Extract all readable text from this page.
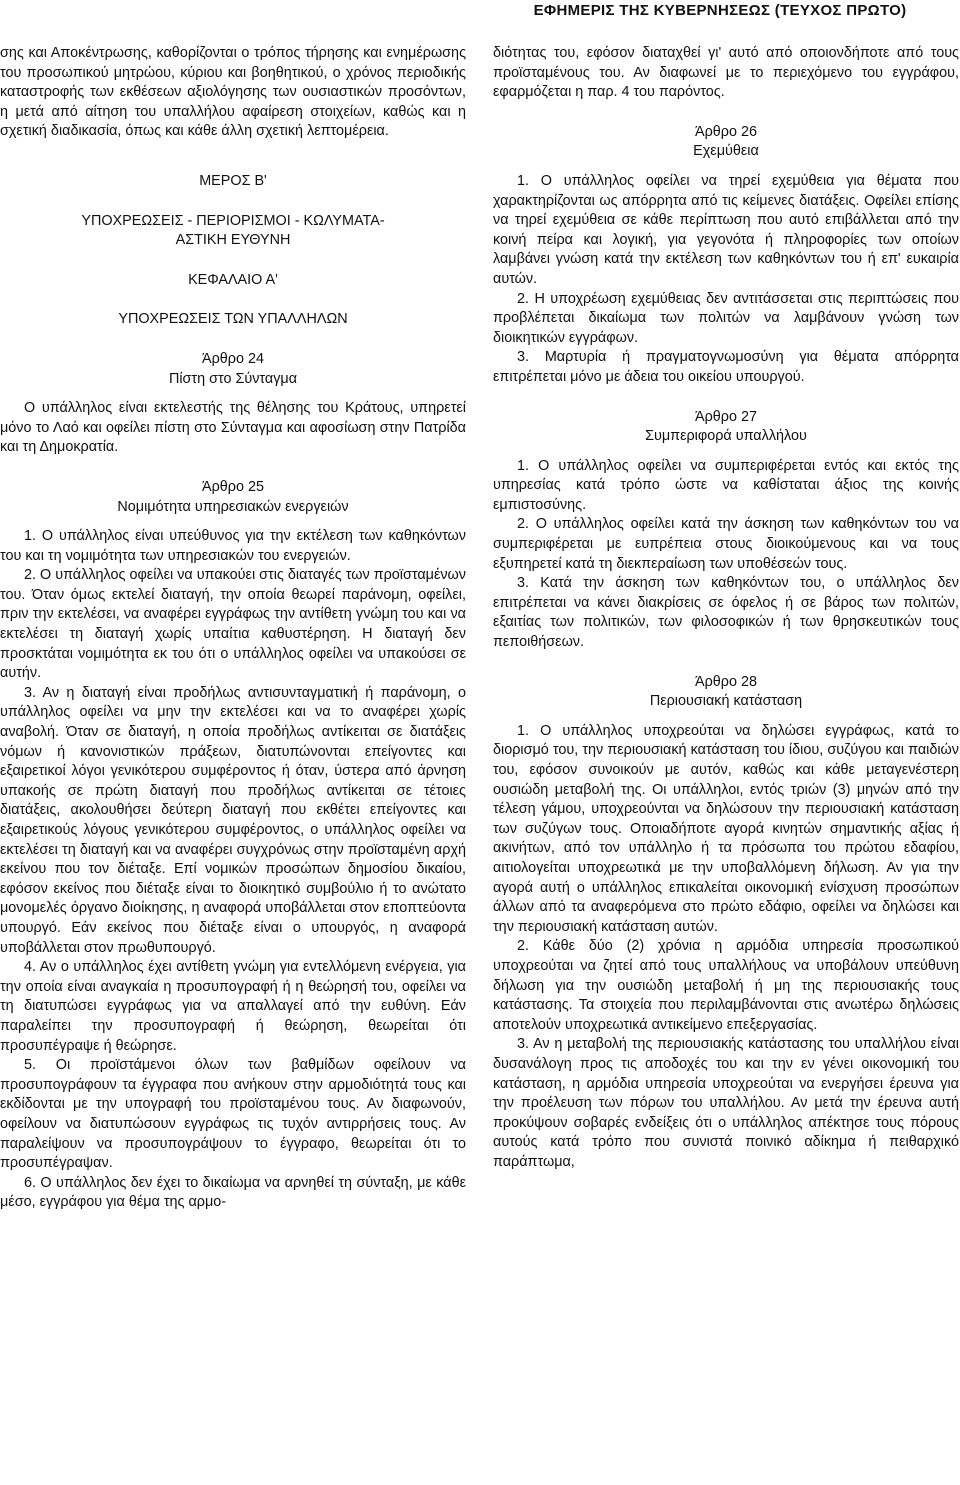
ΕΦΗΜΕΡΙΣ ΤΗΣ ΚΥΒΕΡΝΗΣΕΩΣ (ΤΕΥΧΟΣ ΠΡΩΤΟ)

σης και Αποκέντρωσης, καθορίζονται ο τρόπος τήρησης και ενημέρωσης του προσωπικού μητρώου, κύριου και βοηθητικού, ο χρόνος περιοδικής καταστροφής των εκθέσεων αξιολόγησης των ουσιαστικών προσόντων, η μετά από αίτηση του υπαλλήλου αφαίρεση στοιχείων, καθώς και η σχετική διαδικασία, όπως και κάθε άλλη σχετική λεπτομέρεια.

ΜΕΡΟΣ Β'
ΥΠΟΧΡΕΩΣΕΙΣ - ΠΕΡΙΟΡΙΣΜΟΙ - ΚΩΛΥΜΑΤΑ-
ΑΣΤΙΚΗ ΕΥΘΥΝΗ
ΚΕΦΑΛΑΙΟ Α'
ΥΠΟΧΡΕΩΣΕΙΣ ΤΩΝ ΥΠΑΛΛΗΛΩΝ
Άρθρο 24
Πίστη στο Σύνταγμα

Ο υπάλληλος είναι εκτελεστής της θέλησης του Κράτους, υπηρετεί μόνο το Λαό και οφείλει πίστη στο Σύνταγμα και αφοσίωση στην Πατρίδα και τη Δημοκρατία.

Άρθρο 25
Νομιμότητα υπηρεσιακών ενεργειών

1. Ο υπάλληλος είναι υπεύθυνος για την εκτέλεση των καθηκόντων του και τη νομιμότητα των υπηρεσιακών του ενεργειών.

2. Ο υπάλληλος οφείλει να υπακούει στις διαταγές των προϊσταμένων του. Όταν όμως εκτελεί διαταγή, την οποία θεωρεί παράνομη, οφείλει, πριν την εκτελέσει, να αναφέρει εγγράφως την αντίθετη γνώμη του και να εκτελέσει τη διαταγή χωρίς υπαίτια καθυστέρηση. Η διαταγή δεν προσκτάται νομιμότητα εκ του ότι ο υπάλληλος οφείλει να υπακούσει σε αυτήν.

3. Αν η διαταγή είναι προδήλως αντισυνταγματική ή παράνομη, ο υπάλληλος οφείλει να μην την εκτελέσει και να το αναφέρει χωρίς αναβολή. Όταν σε διαταγή, η οποία προδήλως αντίκειται σε διατάξεις νόμων ή κανονιστικών πράξεων, διατυπώνονται επείγοντες και εξαιρετικοί λόγοι γενικότερου συμφέροντος ή όταν, ύστερα από άρνηση υπακοής σε πρώτη διαταγή που προδήλως αντίκειται σε τέτοιες διατάξεις, ακολουθήσει δεύτερη διαταγή που εκθέτει επείγοντες και εξαιρετικούς λόγους γενικότερου συμφέροντος, ο υπάλληλος οφείλει να εκτελέσει τη διαταγή και να αναφέρει συγχρόνως στην προϊσταμένη αρχή εκείνου που τον διέταξε. Επί νομικών προσώπων δημοσίου δικαίου, εφόσον εκείνος που διέταξε είναι το διοικητικό συμβούλιο ή το ανώτατο μονομελές όργανο διοίκησης, η αναφορά υποβάλλεται στον εποπτεύοντα υπουργό. Εάν εκείνος που διέταξε είναι ο υπουργός, η αναφορά υποβάλλεται στον πρωθυπουργό.

4. Αν ο υπάλληλος έχει αντίθετη γνώμη για εντελλόμενη ενέργεια, για την οποία είναι αναγκαία η προσυπογραφή ή η θεώρησή του, οφείλει να τη διατυπώσει εγγράφως για να απαλλαγεί από την ευθύνη. Εάν παραλείπει την προσυπογραφή ή θεώρηση, θεωρείται ότι προσυπέγραψε ή θεώρησε.

5. Οι προϊστάμενοι όλων των βαθμίδων οφείλουν να προσυπογράφουν τα έγγραφα που ανήκουν στην αρμοδιότητά τους και εκδίδονται με την υπογραφή του προϊσταμένου τους. Αν διαφωνούν, οφείλουν να διατυπώσουν εγγράφως τις τυχόν αντιρρήσεις τους. Αν παραλείψουν να προσυπογράψουν το έγγραφο, θεωρείται ότι το προσυπέγραψαν.

6. Ο υπάλληλος δεν έχει το δικαίωμα να αρνηθεί τη σύνταξη, με κάθε μέσο, εγγράφου για θέμα της αρμο-

διότητας του, εφόσον διαταχθεί γι' αυτό από οποιονδήποτε από τους προϊσταμένους του. Αν διαφωνεί με το περιεχόμενο του εγγράφου, εφαρμόζεται η παρ. 4 του παρόντος.

Άρθρο 26
Εχεμύθεια

1. Ο υπάλληλος οφείλει να τηρεί εχεμύθεια για θέματα που χαρακτηρίζονται ως απόρρητα από τις κείμενες διατάξεις. Οφείλει επίσης να τηρεί εχεμύθεια σε κάθε περίπτωση που αυτό επιβάλλεται από την κοινή πείρα και λογική, για γεγονότα ή πληροφορίες των οποίων λαμβάνει γνώση κατά την εκτέλεση των καθηκόντων του ή επ' ευκαιρία αυτών.

2. Η υποχρέωση εχεμύθειας δεν αντιτάσσεται στις περιπτώσεις που προβλέπεται δικαίωμα των πολιτών να λαμβάνουν γνώση των διοικητικών εγγράφων.

3. Μαρτυρία ή πραγματογνωμοσύνη για θέματα απόρρητα επιτρέπεται μόνο με άδεια του οικείου υπουργού.

Άρθρο 27
Συμπεριφορά υπαλλήλου

1. Ο υπάλληλος οφείλει να συμπεριφέρεται εντός και εκτός της υπηρεσίας κατά τρόπο ώστε να καθίσταται άξιος της κοινής εμπιστοσύνης.

2. Ο υπάλληλος οφείλει κατά την άσκηση των καθηκόντων του να συμπεριφέρεται με ευπρέπεια στους διοικούμενους και να τους εξυπηρετεί κατά τη διεκπεραίωση των υποθέσεών τους.

3. Κατά την άσκηση των καθηκόντων του, ο υπάλληλος δεν επιτρέπεται να κάνει διακρίσεις σε όφελος ή σε βάρος των πολιτών, εξαιτίας των πολιτικών, των φιλοσοφικών ή των θρησκευτικών τους πεποιθήσεων.

Άρθρο 28
Περιουσιακή κατάσταση

1. Ο υπάλληλος υποχρεούται να δηλώσει εγγράφως, κατά το διορισμό του, την περιουσιακή κατάσταση του ίδιου, συζύγου και παιδιών του, εφόσον συνοικούν με αυτόν, καθώς και κάθε μεταγενέστερη ουσιώδη μεταβολή της. Οι υπάλληλοι, εντός τριών (3) μηνών από την τέλεση γάμου, υποχρεούνται να δηλώσουν την περιουσιακή κατάσταση των συζύγων τους. Οποιαδήποτε αγορά κινητών σημαντικής αξίας ή ακινήτων, από τον υπάλληλο ή τα πρόσωπα του πρώτου εδαφίου, αιτιολογείται υποχρεωτικά με την υποβαλλόμενη δήλωση. Αν για την αγορά αυτή ο υπάλληλος επικαλείται οικονομική ενίσχυση προσώπων άλλων από τα αναφερόμενα στο πρώτο εδάφιο, οφείλει να δηλώσει και την περιουσιακή κατάσταση αυτών.

2. Κάθε δύο (2) χρόνια η αρμόδια υπηρεσία προσωπικού υποχρεούται να ζητεί από τους υπαλλήλους να υποβάλουν υπεύθυνη δήλωση για την ουσιώδη μεταβολή ή μη της περιουσιακής τους κατάστασης. Τα στοιχεία που περιλαμβάνονται στις ανωτέρω δηλώσεις αποτελούν υποχρεωτικά αντικείμενο επεξεργασίας.

3. Αν η μεταβολή της περιουσιακής κατάστασης του υπαλλήλου είναι δυσανάλογη προς τις αποδοχές του και την εν γένει οικονομική του κατάσταση, η αρμόδια υπηρεσία υποχρεούται να ενεργήσει έρευνα για την προέλευση των πόρων του υπαλλήλου. Αν μετά την έρευνα αυτή προκύψουν σοβαρές ενδείξεις ότι ο υπάλληλος απέκτησε τους πόρους αυτούς κατά τρόπο που συνιστά ποινικό αδίκημα ή πειθαρχικό παράπτωμα,
